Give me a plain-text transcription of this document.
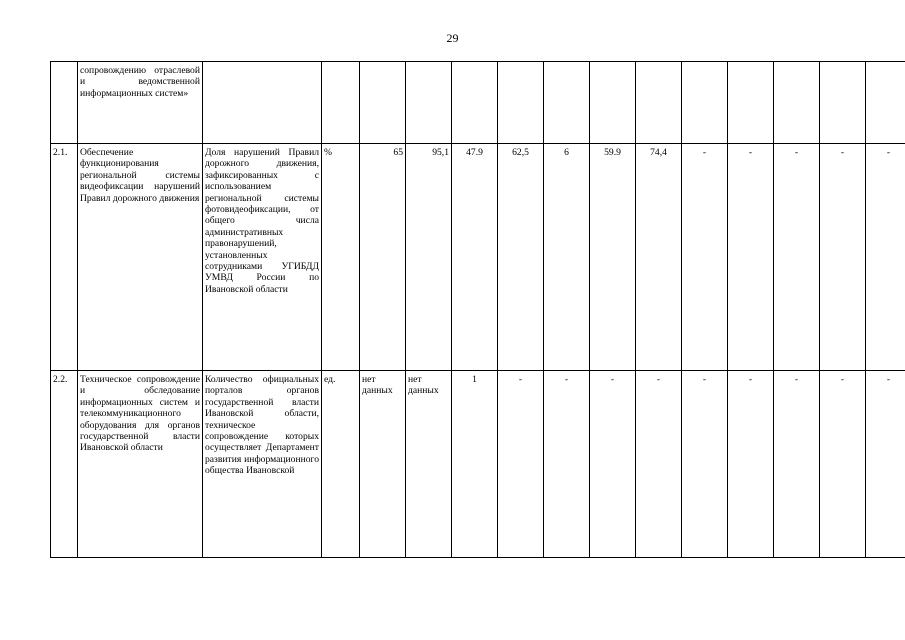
29
	сопровождению отраслевой и ведомственной информационных систем»														
2.1.	Обеспечение функционирования региональной системы видеофиксации нарушений Правил дорожного движения	Доля нарушений Правил дорожного движения, зафиксированных с использованием региональной системы фотовидеофиксации, от общего числа административных правонарушений, установленных сотрудниками УГИБДД УМВД России по Ивановской области	%	65	95,1	47.9	62,5	6	59.9	74,4	-	-	-	-	-
2.2.	Техническое сопровождение и обследование информационных систем и телекоммуникационного оборудования для органов государственной власти Ивановской области	Количество официальных порталов органов государственной власти Ивановской области, техническое сопровождение которых осуществляет Департамент развития информационного общества Ивановской	ед.	нет данных	нет данных	1	-	-	-	-	-	-	-	-	-
